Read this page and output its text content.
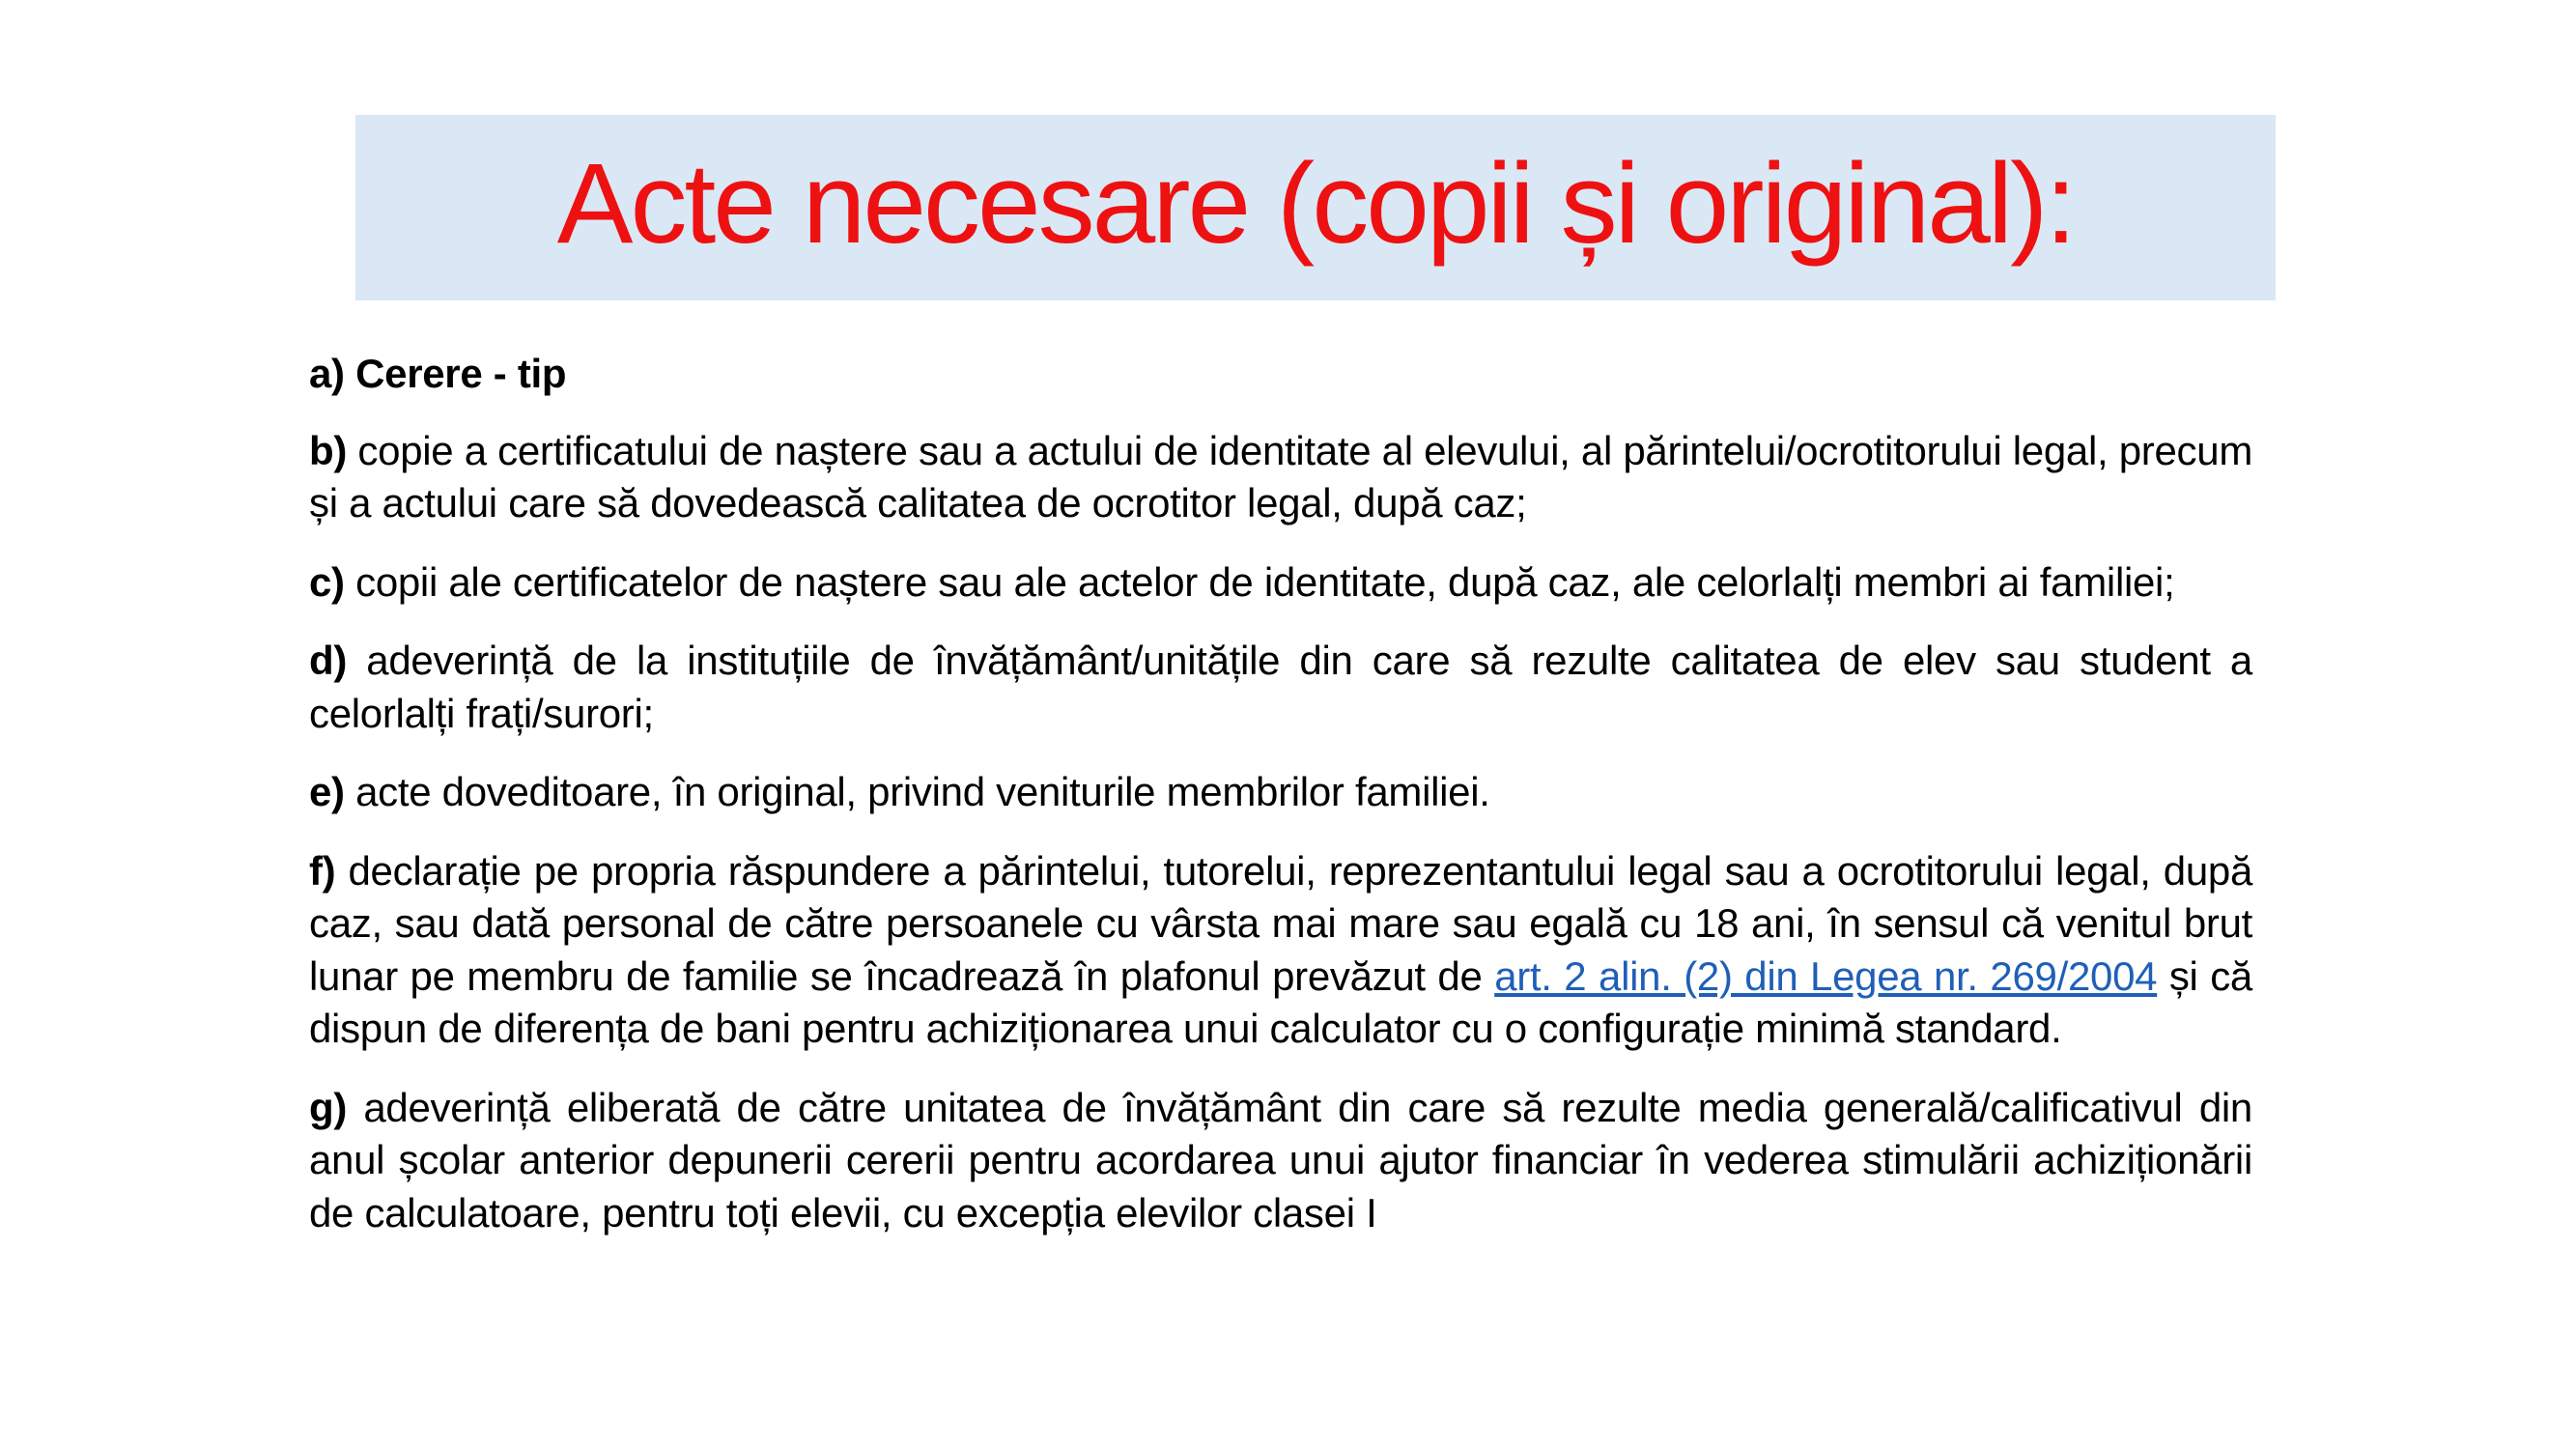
Acte necesare (copii și original):

a) Cerere - tip

b) copie a certificatului de naștere sau a actului de identitate al elevului, al părintelui/ocrotitorului legal, precum și a actului care să dovedească calitatea de ocrotitor legal, după caz;

c) copii ale certificatelor de naștere sau ale actelor de identitate, după caz, ale celorlalți membri ai familiei;

d) adeverință de la instituțiile de învățământ/unitățile din care să rezulte calitatea de elev sau student a celorlalți frați/surori;

e) acte doveditoare, în original, privind veniturile membrilor familiei.

f) declarație pe propria răspundere a părintelui, tutorelui, reprezentantului legal sau a ocrotitorului legal, după caz, sau dată personal de către persoanele cu vârsta mai mare sau egală cu 18 ani, în sensul că venitul brut lunar pe membru de familie se încadrează în plafonul prevăzut de art. 2 alin. (2) din Legea nr. 269/2004 și că dispun de diferența de bani pentru achiziționarea unui calculator cu o configurație minimă standard.

g) adeverință eliberată de către unitatea de învățământ din care să rezulte media generală/calificativul din anul școlar anterior depunerii cererii pentru acordarea unui ajutor financiar în vederea stimulării achiziționării de calculatoare, pentru toți elevii, cu excepția elevilor clasei I
